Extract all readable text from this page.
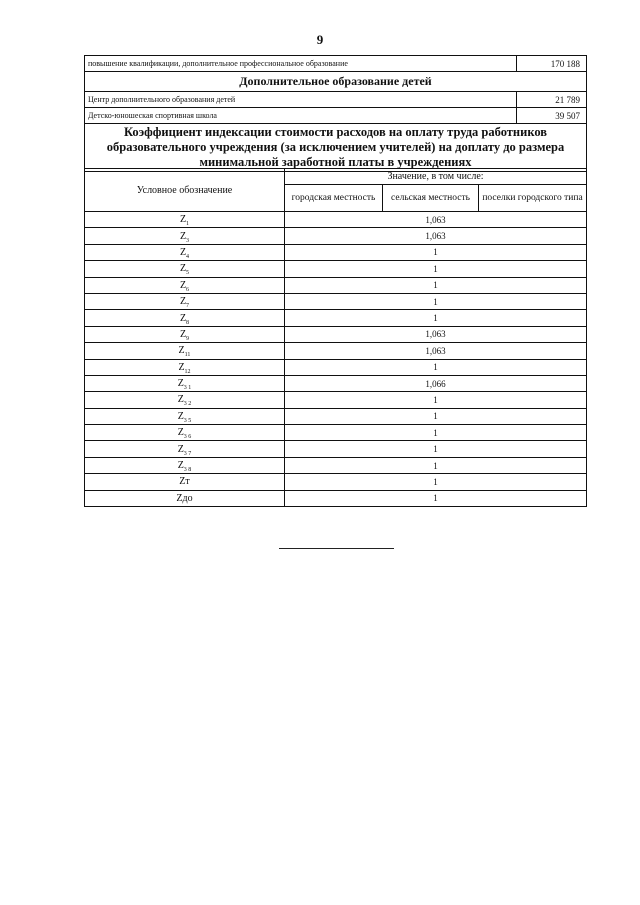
9
повышение квалификации, дополнительное профессиональное образование	170 188
Дополнительное образование детей	
Центр дополнительного образования детей	21 789
Детско-юношеская спортивная школа	39 507
Коэффициент индексации стоимости расходов на оплату труда работников образовательного учреждения (за исключением учителей) на доплату до размера минимальной заработной платы в учреждениях	
Условное обозначение	Значение, в том числе:		
	городская местность	сельская местность	поселки городского типа
$Z_1$	1,063		
$Z_3$	1,063		
$Z_4$	1		
$Z_5$	1		
$Z_6$	1		
$Z_7$	1		
$Z_8$	1		
$Z_9$	1,063		
$Z_{11}$	1,063		
$Z_{12}$	1		
$Z_{3 1}$	1,066		
$Z_{3 2}$	1		
$Z_{3 5}$	1		
$Z_{3 6}$	1		
$Z_{3 7}$	1		
$Z_{3 8}$	1		
Zт	1		
Zдо	1		
